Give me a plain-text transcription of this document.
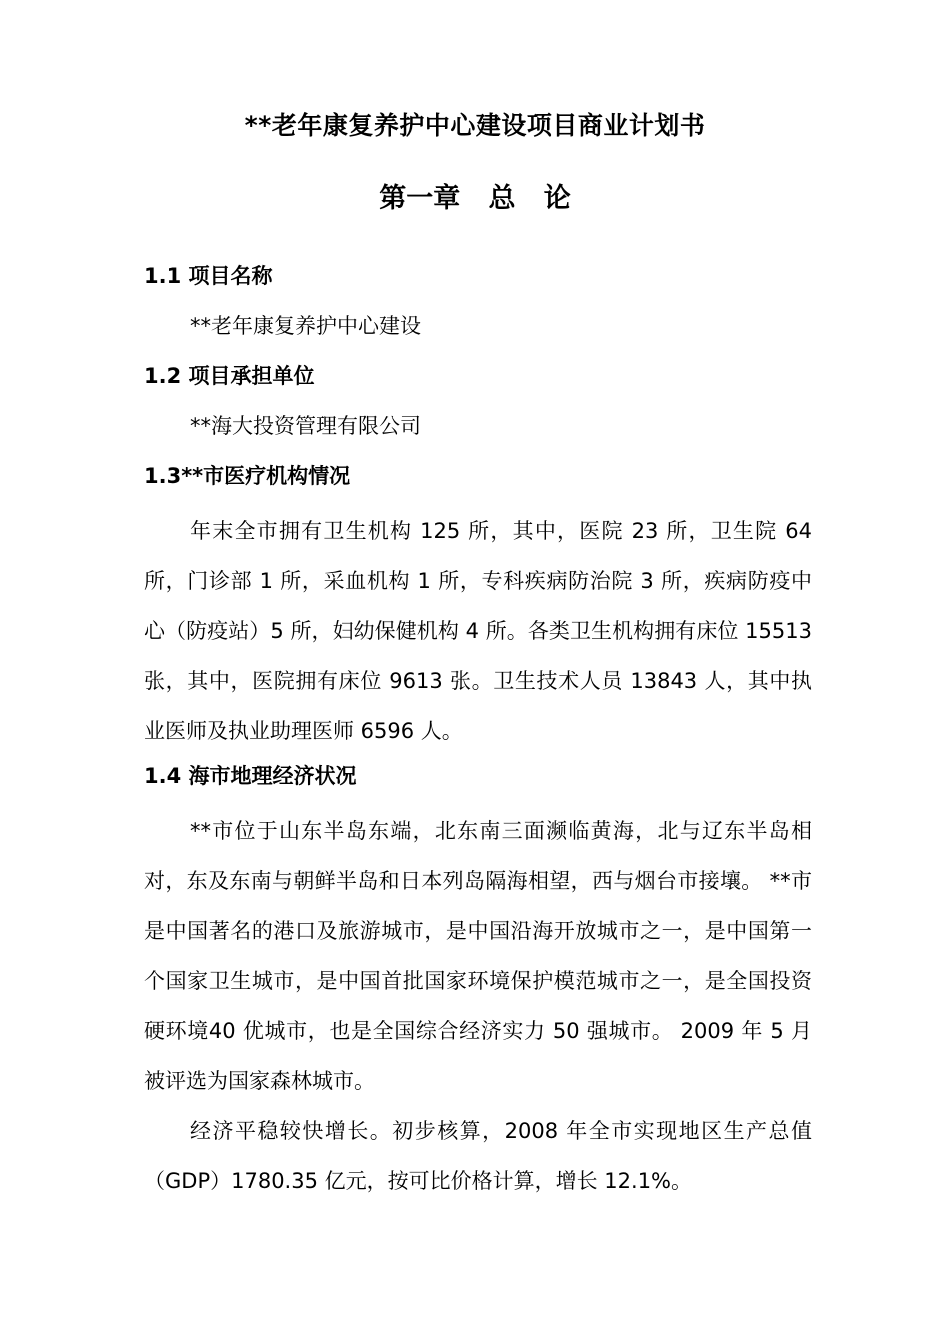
**老年康复养护中心建设项目商业计划书
第一章   总   论
1.1 项目名称

**老年康复养护中心建设

1.2 项目承担单位

**海大投资管理有限公司

1.3**市医疗机构情况

年末全市拥有卫生机构 125 所，其中，医院 23 所，卫生院 64 所，门诊部 1 所，采血机构 1 所，专科疾病防治院 3 所，疾病防疫中心（防疫站）5 所，妇幼保健机构 4 所。各类卫生机构拥有床位 15513 张，其中，医院拥有床位 9613 张。卫生技术人员 13843 人，其中执业医师及执业助理医师 6596 人。

1.4 海市地理经济状况

**市位于山东半岛东端，北东南三面濒临黄海，北与辽东半岛相对，东及东南与朝鲜半岛和日本列岛隔海相望，西与烟台市接壤。 **市是中国著名的港口及旅游城市，是中国沿海开放城市之一，是中国第一个国家卫生城市，是中国首批国家环境保护模范城市之一，是全国投资硬环境40 优城市，也是全国综合经济实力 50 强城市。 2009 年 5 月被评选为国家森林城市。

经济平稳较快增长。初步核算，2008 年全市实现地区生产总值（GDP）1780.35 亿元，按可比价格计算，增长 12.1%。
